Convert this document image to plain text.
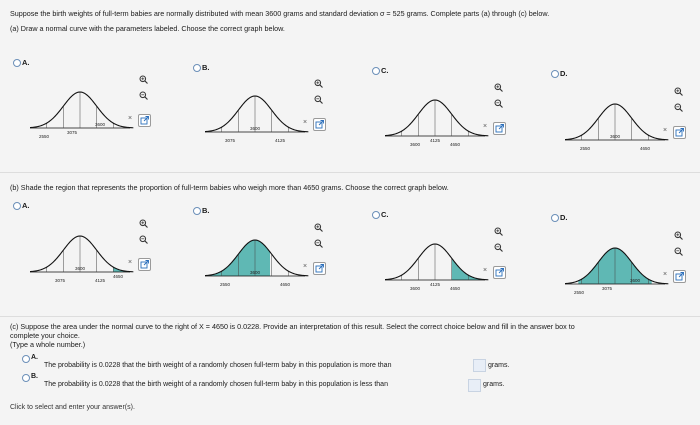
Suppose the birth weights of full-term babies are normally distributed with mean 3600 grams and standard deviation σ = 525 grams. Complete parts (a) through (c) below.
(a) Draw a normal curve with the parameters labeled. Choose the correct graph below.
A.
B.	C.	D.
(b) Shade the region that represents the proportion of full-term babies who weigh more than 4650 grams. Choose the correct graph below.
A.
B.	C.	D.
2550
3075
3600
×
3075
3600
4125
×
3600
4125
4650
×
2550
3600
4650
×
3075
3600
4125
4650
×
2550
3600
4650
×
3600
4125
4650
×
2550
3075
3600
×
(c) Suppose the area under the normal curve to the right of X = 4650 is 0.0228. Provide an interpretation of this result. Select the correct choice below and fill in the answer box to
complete your choice.
(Type a whole number.)
A.
The probability is 0.0228 that the birth weight of a randomly chosen full-term baby in this population is more than	grams.
B.
The probability is 0.0228 that the birth weight of a randomly chosen full-term baby in this population is less than	grams.
Click to select and enter your answer(s).
